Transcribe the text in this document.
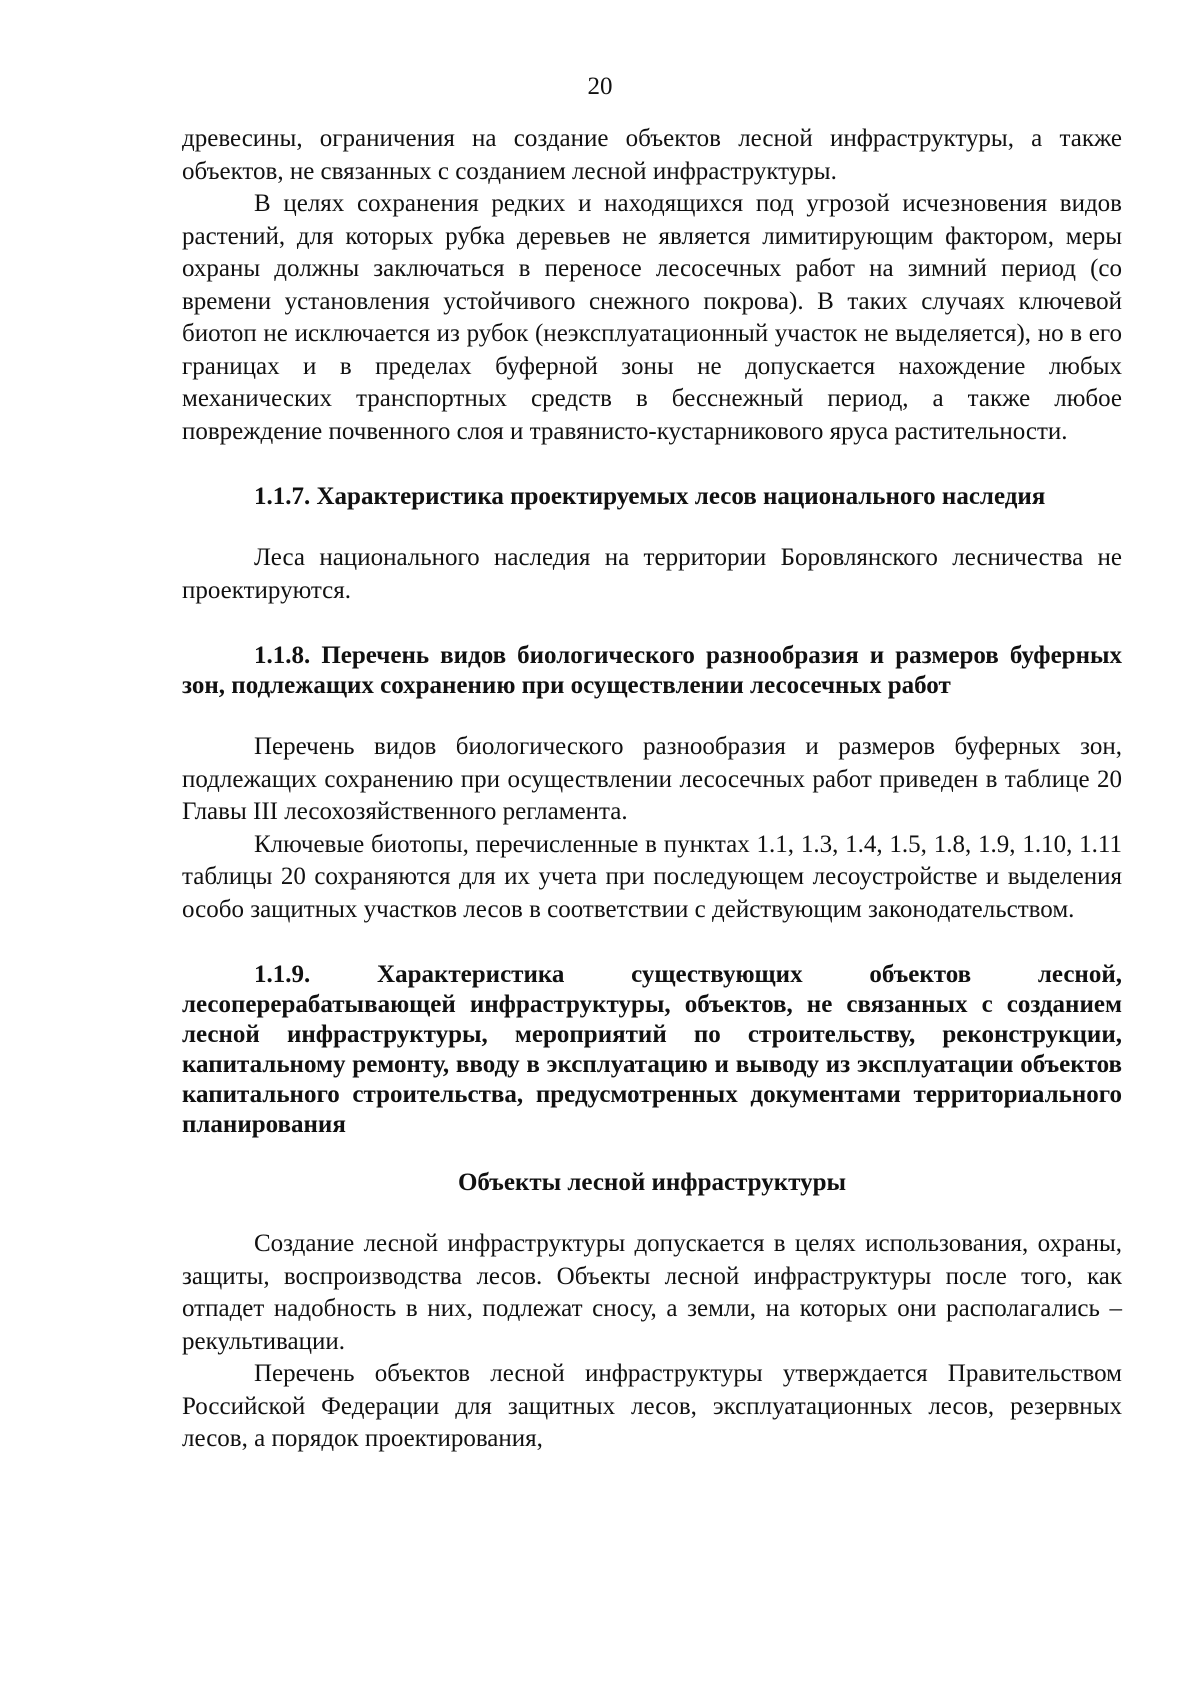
20

древесины, ограничения на создание объектов лесной инфраструктуры, а также объектов, не связанных с созданием лесной инфраструктуры.

В целях сохранения редких и находящихся под угрозой исчезновения видов растений, для которых рубка деревьев не является лимитирующим фактором, меры охраны должны заключаться в переносе лесосечных работ на зимний период (со времени установления устойчивого снежного покрова). В таких случаях ключевой биотоп не исключается из рубок (неэксплуатационный участок не выделяется), но в его границах и в пределах буферной зоны не допускается нахождение любых механических транспортных средств в бесснежный период, а также любое повреждение почвенного слоя и травянисто-кустарникового яруса растительности.

1.1.7. Характеристика проектируемых лесов национального наследия

Леса национального наследия на территории Боровлянского лесничества не проектируются.

1.1.8. Перечень видов биологического разнообразия и размеров буферных зон, подлежащих сохранению при осуществлении лесосечных работ

Перечень видов биологического разнообразия и размеров буферных зон, подлежащих сохранению при осуществлении лесосечных работ приведен в таблице 20 Главы III лесохозяйственного регламента.

Ключевые биотопы, перечисленные в пунктах 1.1, 1.3, 1.4, 1.5, 1.8, 1.9, 1.10, 1.11 таблицы 20 сохраняются для их учета при последующем лесоустройстве и выделения особо защитных участков лесов в соответствии с действующим законодательством.

1.1.9. Характеристика существующих объектов лесной, лесоперерабатывающей инфраструктуры, объектов, не связанных с созданием лесной инфраструктуры, мероприятий по строительству, реконструкции, капитальному ремонту, вводу в эксплуатацию и выводу из эксплуатации объектов капитального строительства, предусмотренных документами территориального планирования
Объекты лесной инфраструктуры

Создание лесной инфраструктуры допускается в целях использования, охраны, защиты, воспроизводства лесов. Объекты лесной инфраструктуры после того, как отпадет надобность в них, подлежат сносу, а земли, на которых они располагались – рекультивации.

Перечень объектов лесной инфраструктуры утверждается Правительством Российской Федерации для защитных лесов, эксплуатационных лесов, резервных лесов, а порядок проектирования,
